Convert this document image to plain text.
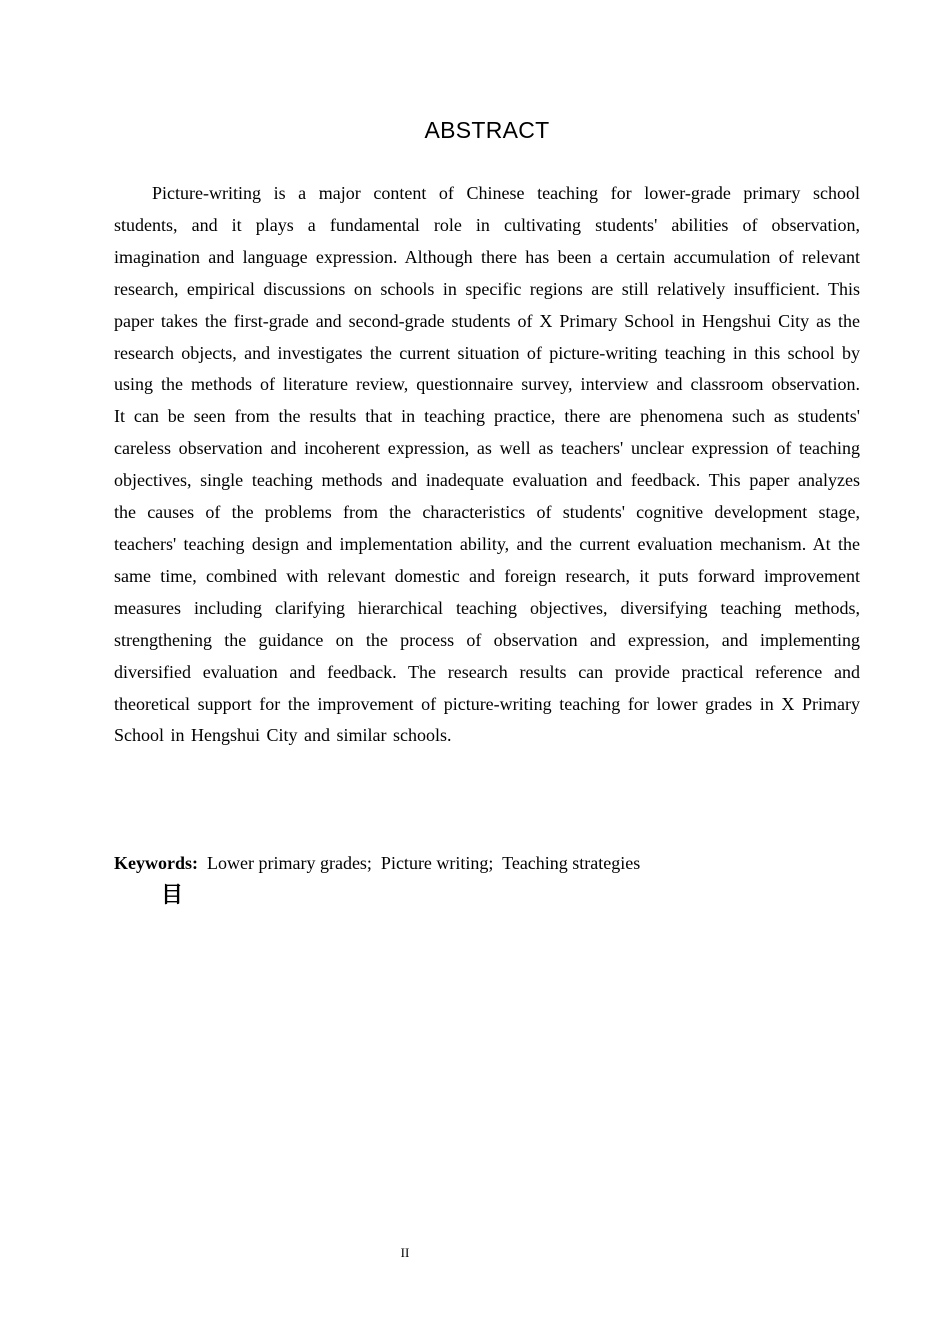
ABSTRACT

Picture-writing is a major content of Chinese teaching for lower-grade primary school students, and it plays a fundamental role in cultivating students' abilities of observation, imagination and language expression. Although there has been a certain accumulation of relevant research, empirical discussions on schools in specific regions are still relatively insufficient. This paper takes the first-grade and second-grade students of X Primary School in Hengshui City as the research objects, and investigates the current situation of picture-writing teaching in this school by using the methods of literature review, questionnaire survey, interview and classroom observation. It can be seen from the results that in teaching practice, there are phenomena such as students' careless observation and incoherent expression, as well as teachers' unclear expression of teaching objectives, single teaching methods and inadequate evaluation and feedback. This paper analyzes the causes of the problems from the characteristics of students' cognitive development stage, teachers' teaching design and implementation ability, and the current evaluation mechanism. At the same time, combined with relevant domestic and foreign research, it puts forward improvement measures including clarifying hierarchical teaching objectives, diversifying teaching methods, strengthening the guidance on the process of observation and expression, and implementing diversified evaluation and feedback. The research results can provide practical reference and theoretical support for the improvement of picture-writing teaching for lower grades in X Primary School in Hengshui City and similar schools.

Keywords:  Lower primary grades;  Picture writing;  Teaching strategies

目
II
